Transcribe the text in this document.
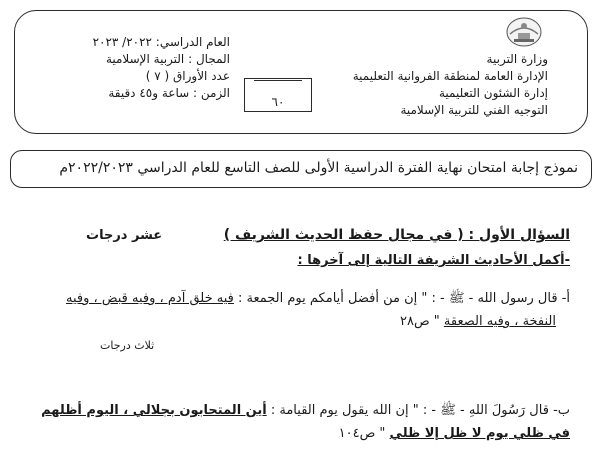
وزارة التربية
الإدارة العامة لمنطقة الفروانية التعليمية
إدارة الشئون التعليمية
التوجيه الفني للتربية الإسلامية
العام الدراسي: ٢٠٢٢/ ٢٠٢٣
المجال : التربية الإسلامية
عدد الأوراق ( ٧ )
الزمن : ساعة و٤٥ دقيقة
٦٠
نموذج إجابة امتحان نهاية الفترة الدراسية الأولى للصف التاسع للعام الدراسي ٢٠٢٢/٢٠٢٣م
السؤال الأول : ( في مجال حفظ الحديث الشريف )
عشر درجات
-أكمل الأحاديث الشريفة التالية إلى آخرها :
أ- قال رسول الله - ﷺ - : " إن من أفضل أيامكم يوم الجمعة : فيه خلق آدم ، وفيه قبض ، وفيه
النفخة ، وفيه الصعقة " ص٢٨
ثلاث درجات
ب- قال رَسُولَ اللهِ - ﷺ - : " إن الله يقول يوم القيامة : أين المتحابون بجلالي ، اليوم أظلهم
في ظلي يوم لا ظل إلا ظلي " ص١٠٤
